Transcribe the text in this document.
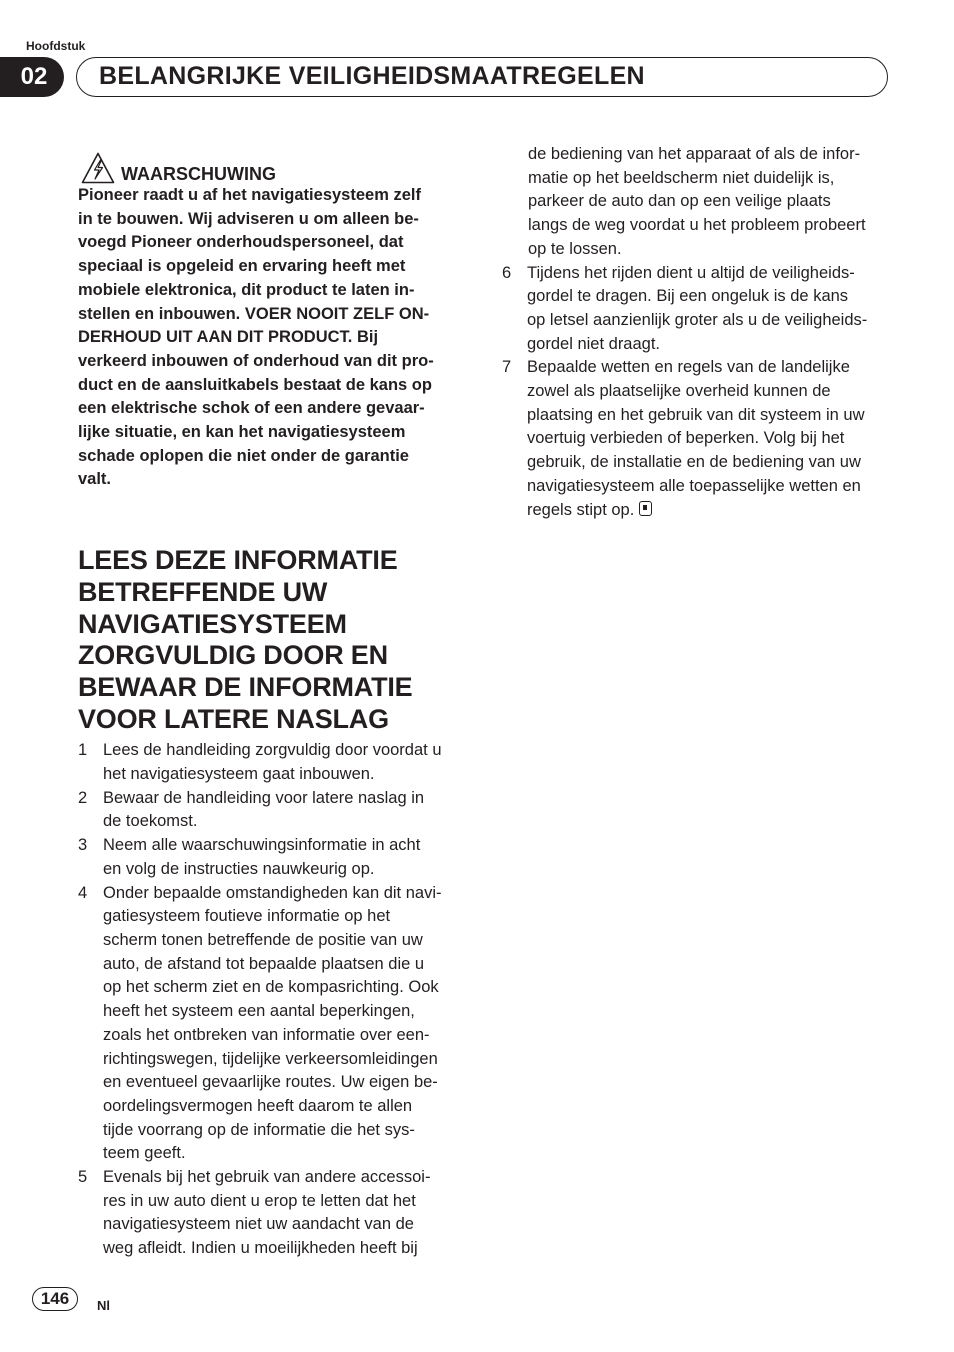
Hoofdstuk
02	BELANGRIJKE VEILIGHEIDSMAATREGELEN
WAARSCHUWING
Pioneer raadt u af het navigatiesysteem zelf
in te bouwen. Wij adviseren u om alleen be-
voegd Pioneer onderhoudspersoneel, dat
speciaal is opgeleid en ervaring heeft met
mobiele elektronica, dit product te laten in-
stellen en inbouwen. VOER NOOIT ZELF ON-
DERHOUD UIT AAN DIT PRODUCT. Bij
verkeerd inbouwen of onderhoud van dit pro-
duct en de aansluitkabels bestaat de kans op
een elektrische schok of een andere gevaar-
lijke situatie, en kan het navigatiesysteem
schade oplopen die niet onder de garantie
valt.
LEES DEZE INFORMATIE
BETREFFENDE UW
NAVIGATIESYSTEEM
ZORGVULDIG DOOR EN
BEWAAR DE INFORMATIE
VOOR LATERE NASLAG
1 Lees de handleiding zorgvuldig door voordat u
het navigatiesysteem gaat inbouwen.
2 Bewaar de handleiding voor latere naslag in
de toekomst.
3 Neem alle waarschuwingsinformatie in acht
en volg de instructies nauwkeurig op.
4 Onder bepaalde omstandigheden kan dit navi-
gatiesysteem foutieve informatie op het
scherm tonen betreffende de positie van uw
auto, de afstand tot bepaalde plaatsen die u
op het scherm ziet en de kompasrichting. Ook
heeft het systeem een aantal beperkingen,
zoals het ontbreken van informatie over een-
richtingswegen, tijdelijke verkeersomleidingen
en eventueel gevaarlijke routes. Uw eigen be-
oordelingsvermogen heeft daarom te allen
tijde voorrang op de informatie die het sys-
teem geeft.
5 Evenals bij het gebruik van andere accessoi-
res in uw auto dient u erop te letten dat het
navigatiesysteem niet uw aandacht van de
weg afleidt. Indien u moeilijkheden heeft bij
de bediening van het apparaat of als de infor-
matie op het beeldscherm niet duidelijk is,
parkeer de auto dan op een veilige plaats
langs de weg voordat u het probleem probeert
op te lossen.
6 Tijdens het rijden dient u altijd de veiligheids-
gordel te dragen. Bij een ongeluk is de kans
op letsel aanzienlijk groter als u de veiligheids-
gordel niet draagt.
7 Bepaalde wetten en regels van de landelijke
zowel als plaatselijke overheid kunnen de
plaatsing en het gebruik van dit systeem in uw
voertuig verbieden of beperken. Volg bij het
gebruik, de installatie en de bediening van uw
navigatiesysteem alle toepasselijke wetten en
regels stipt op.
146	Nl
